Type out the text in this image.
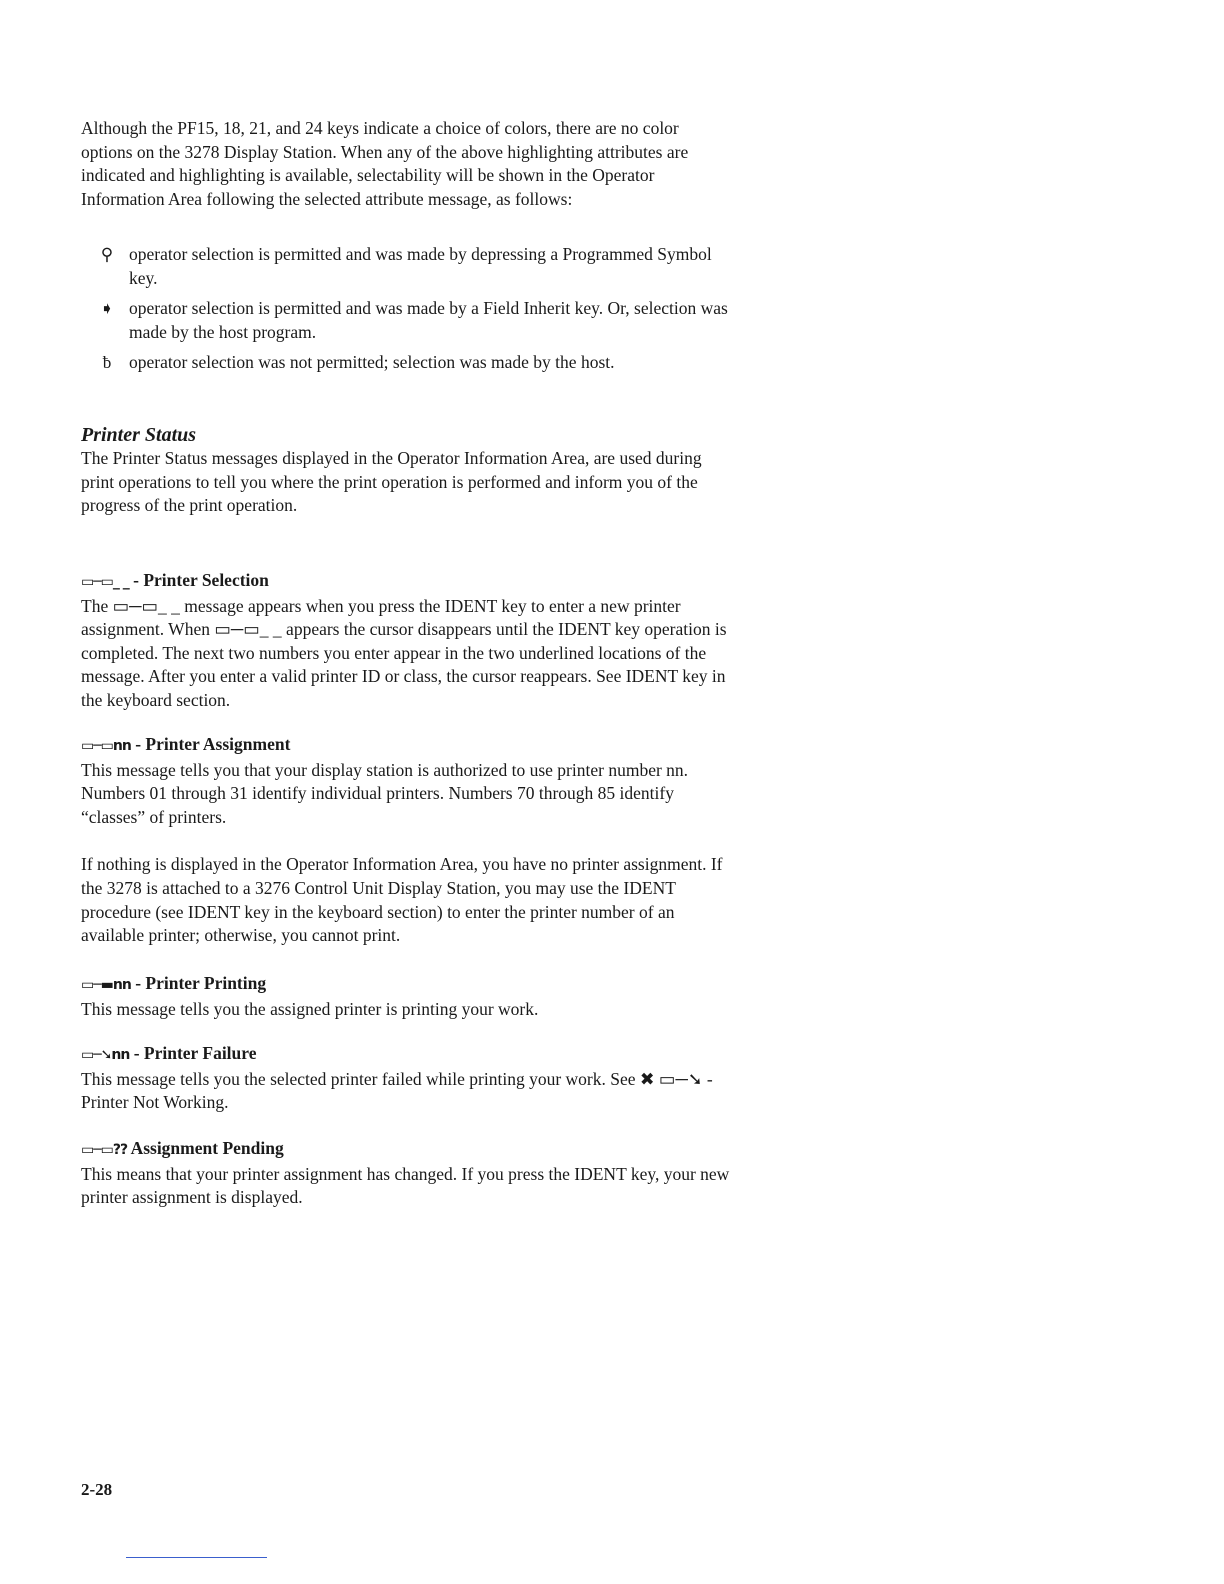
Although the PF15, 18, 21, and 24 keys indicate a choice of colors, there are no color options on the 3278 Display Station. When any of the above highlighting attributes are indicated and highlighting is available, selectability will be shown in the Operator Information Area following the selected attribute message, as follows:

⚲ operator selection is permitted and was made by depressing a Programmed Symbol key.
➧ operator selection is permitted and was made by a Field Inherit key. Or, selection was made by the host program.
ƀ	operator selection was not permitted; selection was made by the host.
Printer Status

The Printer Status messages displayed in the Operator Information Area, are used during print operations to tell you where the print operation is performed and inform you of the progress of the print operation.

▭─▭_ _ - Printer Selection

The ▭─▭_ _ message appears when you press the IDENT key to enter a new printer assignment. When ▭─▭_ _ appears the cursor disappears until the IDENT key operation is completed. The next two numbers you enter appear in the two underlined locations of the message. After you enter a valid printer ID or class, the cursor reappears. See IDENT key in the keyboard section.

▭─▭nn - Printer Assignment

This message tells you that your display station is authorized to use printer number nn. Numbers 01 through 31 identify individual printers. Numbers 70 through 85 identify “classes” of printers.

If nothing is displayed in the Operator Information Area, you have no printer assignment. If the 3278 is attached to a 3276 Control Unit Display Station, you may use the IDENT procedure (see IDENT key in the keyboard section) to enter the printer number of an available printer; otherwise, you cannot print.

▭─▬nn - Printer Printing

This message tells you the assigned printer is printing your work.

▭─➘nn - Printer Failure

This message tells you the selected printer failed while printing your work. See ✖ ▭─➘ - Printer Not Working.

▭─▭?? Assignment Pending

This means that your printer assignment has changed. If you press the IDENT key, your new printer assignment is displayed.

2-28
